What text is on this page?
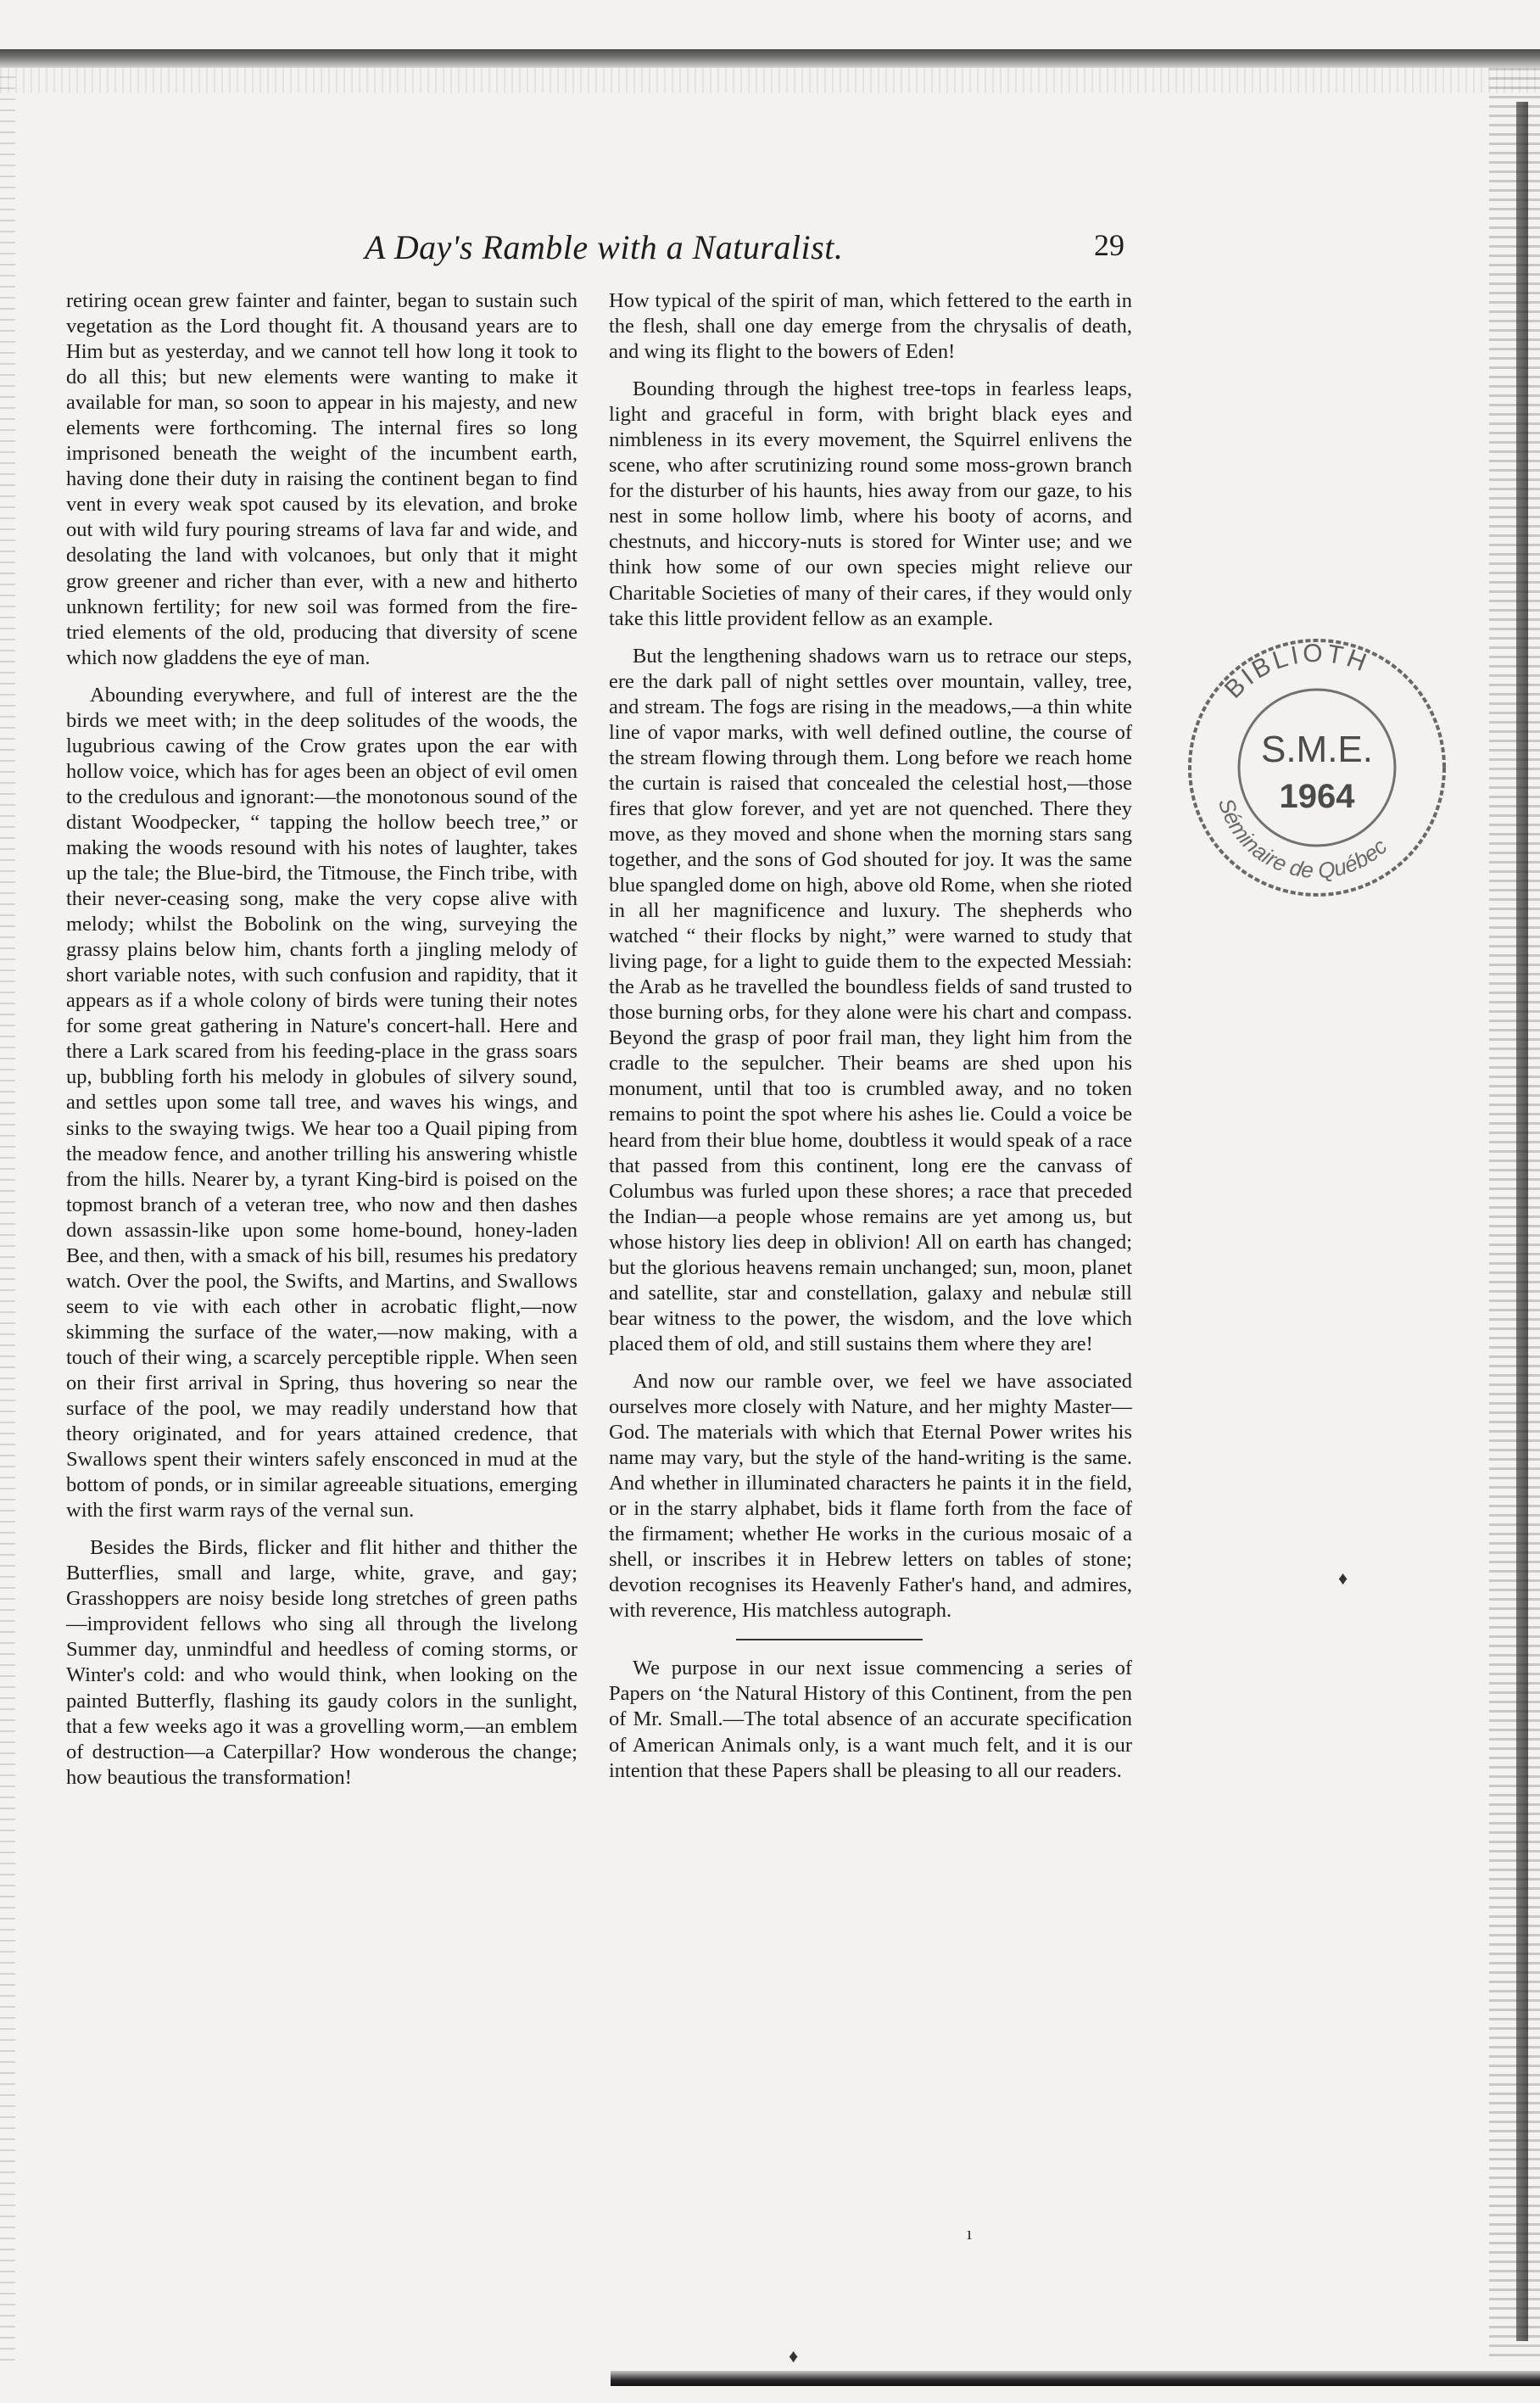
A Day's Ramble with a Naturalist.	29

retiring ocean grew fainter and fainter, began to sustain such vegetation as the Lord thought fit. A thousand years are to Him but as yesterday, and we cannot tell how long it took to do all this; but new elements were wanting to make it available for man, so soon to appear in his majesty, and new elements were forthcoming. The internal fires so long imprisoned beneath the weight of the incumbent earth, having done their duty in raising the continent began to find vent in every weak spot caused by its elevation, and broke out with wild fury pouring streams of lava far and wide, and desolating the land with volcanoes, but only that it might grow greener and richer than ever, with a new and hitherto unknown fertility; for new soil was formed from the fire-tried elements of the old, producing that diversity of scene which now gladdens the eye of man.

Abounding everywhere, and full of interest are the the birds we meet with; in the deep solitudes of the woods, the lugubrious cawing of the Crow grates upon the ear with hollow voice, which has for ages been an object of evil omen to the credulous and ignorant:—the monotonous sound of the distant Woodpecker, “ tapping the hollow beech tree,” or making the woods resound with his notes of laughter, takes up the tale; the Blue-bird, the Titmouse, the Finch tribe, with their never-ceasing song, make the very copse alive with melody; whilst the Bobolink on the wing, surveying the grassy plains below him, chants forth a jingling melody of short variable notes, with such confusion and rapidity, that it appears as if a whole colony of birds were tuning their notes for some great gathering in Nature's concert-hall. Here and there a Lark scared from his feeding-place in the grass soars up, bubbling forth his melody in globules of silvery sound, and settles upon some tall tree, and waves his wings, and sinks to the swaying twigs. We hear too a Quail piping from the meadow fence, and another trilling his answering whistle from the hills. Nearer by, a tyrant King-bird is poised on the topmost branch of a veteran tree, who now and then dashes down assassin-like upon some home-bound, honey-laden Bee, and then, with a smack of his bill, resumes his predatory watch. Over the pool, the Swifts, and Martins, and Swallows seem to vie with each other in acrobatic flight,—now skimming the surface of the water,—now making, with a touch of their wing, a scarcely perceptible ripple. When seen on their first arrival in Spring, thus hovering so near the surface of the pool, we may readily understand how that theory originated, and for years attained credence, that Swallows spent their winters safely ensconced in mud at the bottom of ponds, or in similar agreeable situations, emerging with the first warm rays of the vernal sun.

Besides the Birds, flicker and flit hither and thither the Butterflies, small and large, white, grave, and gay; Grasshoppers are noisy beside long stretches of green paths—improvident fellows who sing all through the livelong Summer day, unmindful and heedless of coming storms, or Winter's cold: and who would think, when looking on the painted Butterfly, flashing its gaudy colors in the sunlight, that a few weeks ago it was a grovelling worm,—an emblem of destruction—a Caterpillar? How wonderous the change; how beautious the transformation!

How typical of the spirit of man, which fettered to the earth in the flesh, shall one day emerge from the chrysalis of death, and wing its flight to the bowers of Eden!

Bounding through the highest tree-tops in fearless leaps, light and graceful in form, with bright black eyes and nimbleness in its every movement, the Squirrel enlivens the scene, who after scrutinizing round some moss-grown branch for the disturber of his haunts, hies away from our gaze, to his nest in some hollow limb, where his booty of acorns, and chestnuts, and hiccory-nuts is stored for Winter use; and we think how some of our own species might relieve our Charitable Societies of many of their cares, if they would only take this little provident fellow as an example.

But the lengthening shadows warn us to retrace our steps, ere the dark pall of night settles over mountain, valley, tree, and stream. The fogs are rising in the meadows,—a thin white line of vapor marks, with well defined outline, the course of the stream flowing through them. Long before we reach home the curtain is raised that concealed the celestial host,—those fires that glow forever, and yet are not quenched. There they move, as they moved and shone when the morning stars sang together, and the sons of God shouted for joy. It was the same blue spangled dome on high, above old Rome, when she rioted in all her magnificence and luxury. The shepherds who watched “ their flocks by night,” were warned to study that living page, for a light to guide them to the expected Messiah: the Arab as he travelled the boundless fields of sand trusted to those burning orbs, for they alone were his chart and compass. Beyond the grasp of poor frail man, they light him from the cradle to the sepulcher. Their beams are shed upon his monument, until that too is crumbled away, and no token remains to point the spot where his ashes lie. Could a voice be heard from their blue home, doubtless it would speak of a race that passed from this continent, long ere the canvass of Columbus was furled upon these shores; a race that preceded the Indian—a people whose remains are yet among us, but whose history lies deep in oblivion! All on earth has changed; but the glorious heavens remain unchanged; sun, moon, planet and satellite, star and constellation, galaxy and nebulæ still bear witness to the power, the wisdom, and the love which placed them of old, and still sustains them where they are!

And now our ramble over, we feel we have associated ourselves more closely with Nature, and her mighty Master—God. The materials with which that Eternal Power writes his name may vary, but the style of the hand-writing is the same. And whether in illuminated characters he paints it in the field, or in the starry alphabet, bids it flame forth from the face of the firmament; whether He works in the curious mosaic of a shell, or inscribes it in Hebrew letters on tables of stone; devotion recognises its Heavenly Father's hand, and admires, with reverence, His matchless autograph.

We purpose in our next issue commencing a series of Papers on ‘the Natural History of this Continent, from the pen of Mr. Small.—The total absence of an accurate specification of American Animals only, is a want much felt, and it is our intention that these Papers shall be pleasing to all our readers.

BIBLIOTH
S.M.E.
1964
Séminaire de Québec
♦
ı
♦
